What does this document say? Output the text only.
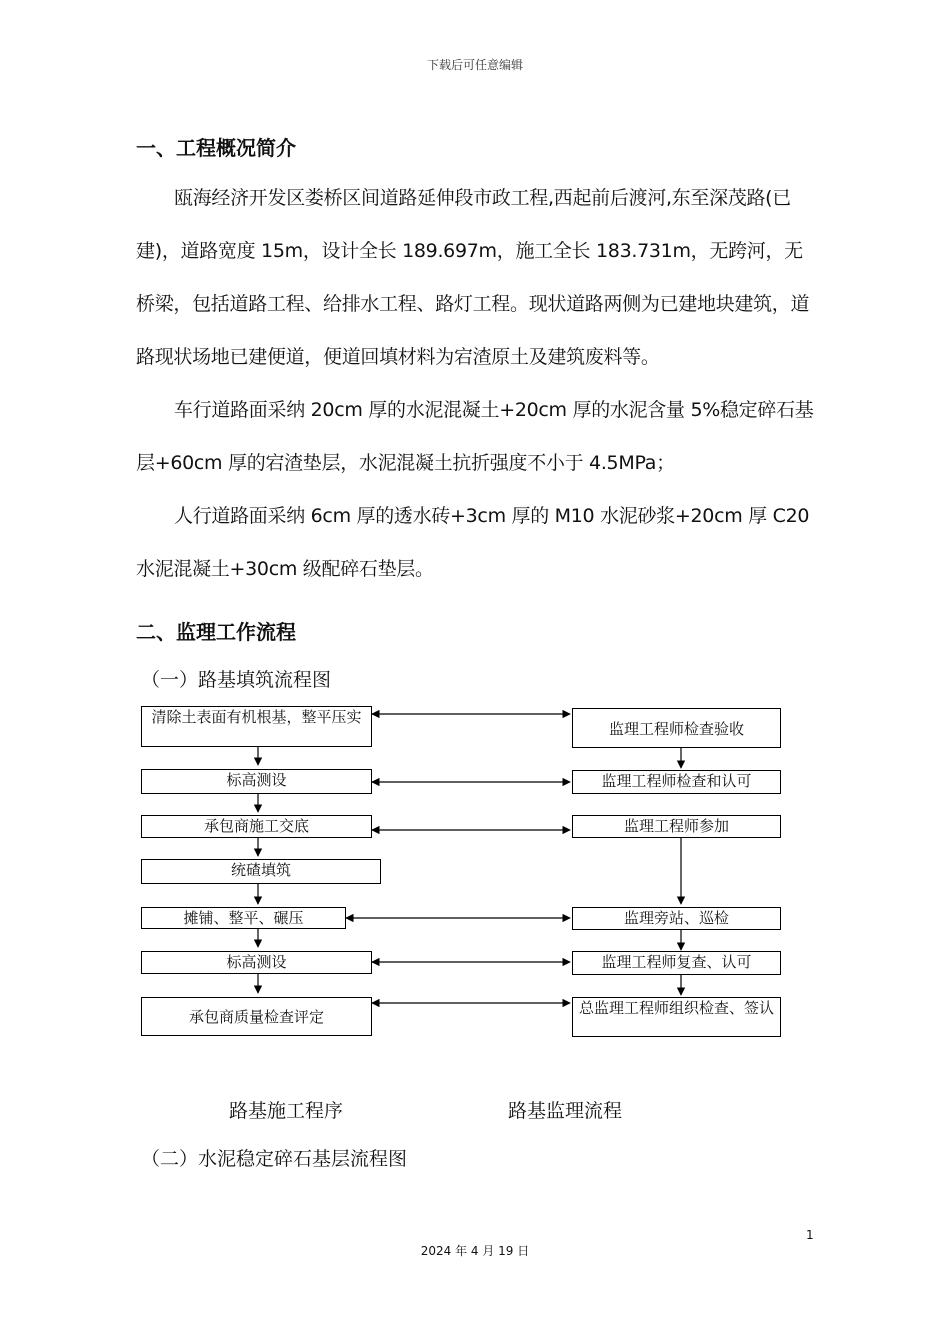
下载后可任意编辑
一、工程概况简介

瓯海经济开发区娄桥区间道路延伸段市政工程,西起前后渡河,东至深茂路(已建)，道路宽度 15m，设计全长 189.697m，施工全长 183.731m，无跨河，无桥梁，包括道路工程、给排水工程、路灯工程。现状道路两侧为已建地块建筑，道路现状场地已建便道，便道回填材料为宕渣原土及建筑废料等。

车行道路面采纳 20cm 厚的水泥混凝土+20cm 厚的水泥含量 5%稳定碎石基层+60cm 厚的宕渣垫层，水泥混凝土抗折强度不小于 4.5MPa；

人行道路面采纳 6cm 厚的透水砖+3cm 厚的 M10 水泥砂浆+20cm 厚 C20 水泥混凝土+30cm 级配碎石垫层。

二、监理工作流程
（一）路基填筑流程图
清除土表面有机根基，整平压实
标高测设
承包商施工交底
统碴填筑
摊铺、整平、碾压
标高测设
承包商质量检查评定
监理工程师检查验收
监理工程师检查和认可
监理工程师参加
监理旁站、巡检
监理工程师复查、认可
总监理工程师组织检查、签认
路基施工程序	路基监理流程
（二）水泥稳定碎石基层流程图
1
2024 年 4 月 19 日
